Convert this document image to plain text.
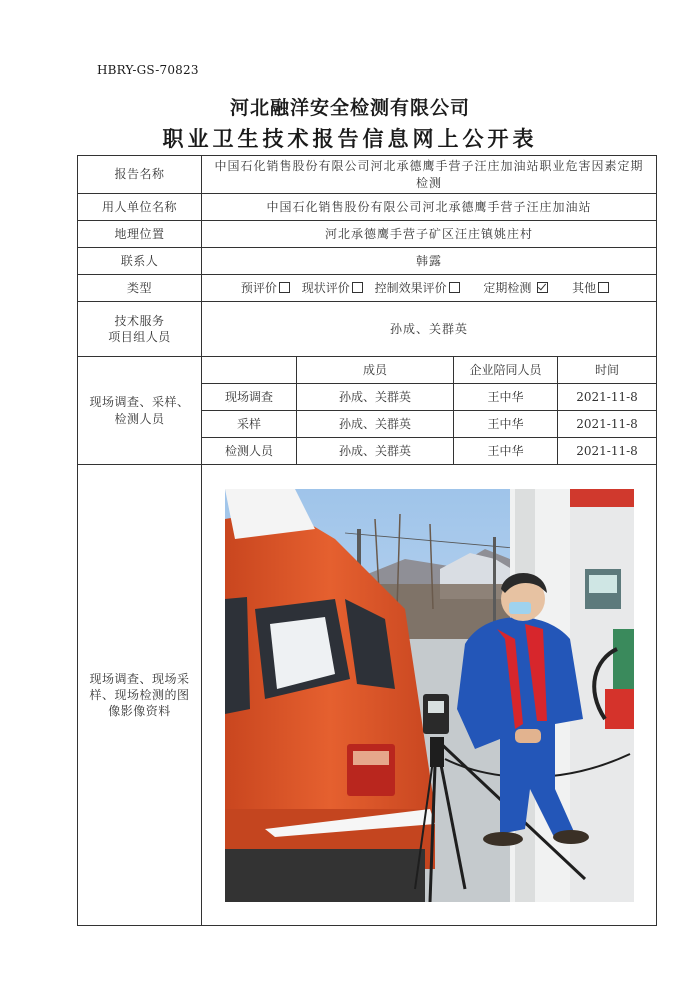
HBRY-GS-70823
河北融洋安全检测有限公司
职业卫生技术报告信息网上公开表
报告名称	中国石化销售股份有限公司河北承德鹰手营子汪庄加油站职业危害因素定期检测			
用人单位名称	中国石化销售股份有限公司河北承德鹰手营子汪庄加油站			
地理位置	河北承德鹰手营子矿区汪庄镇姚庄村			
联系人	韩露			
类型	预评价 现状评价 控制效果评价 定期检测 其他			

技术服务
项目组人员	孙成、关群英			

现场调查、采样、
检测人员		成员	企业陪同人员	时间
	现场调查	孙成、关群英	王中华	2021-11-8
	采样	孙成、关群英	王中华	2021-11-8
	检测人员	孙成、关群英	王中华	2021-11-8

现场调查、现场采
样、现场检测的图
像影像资料
